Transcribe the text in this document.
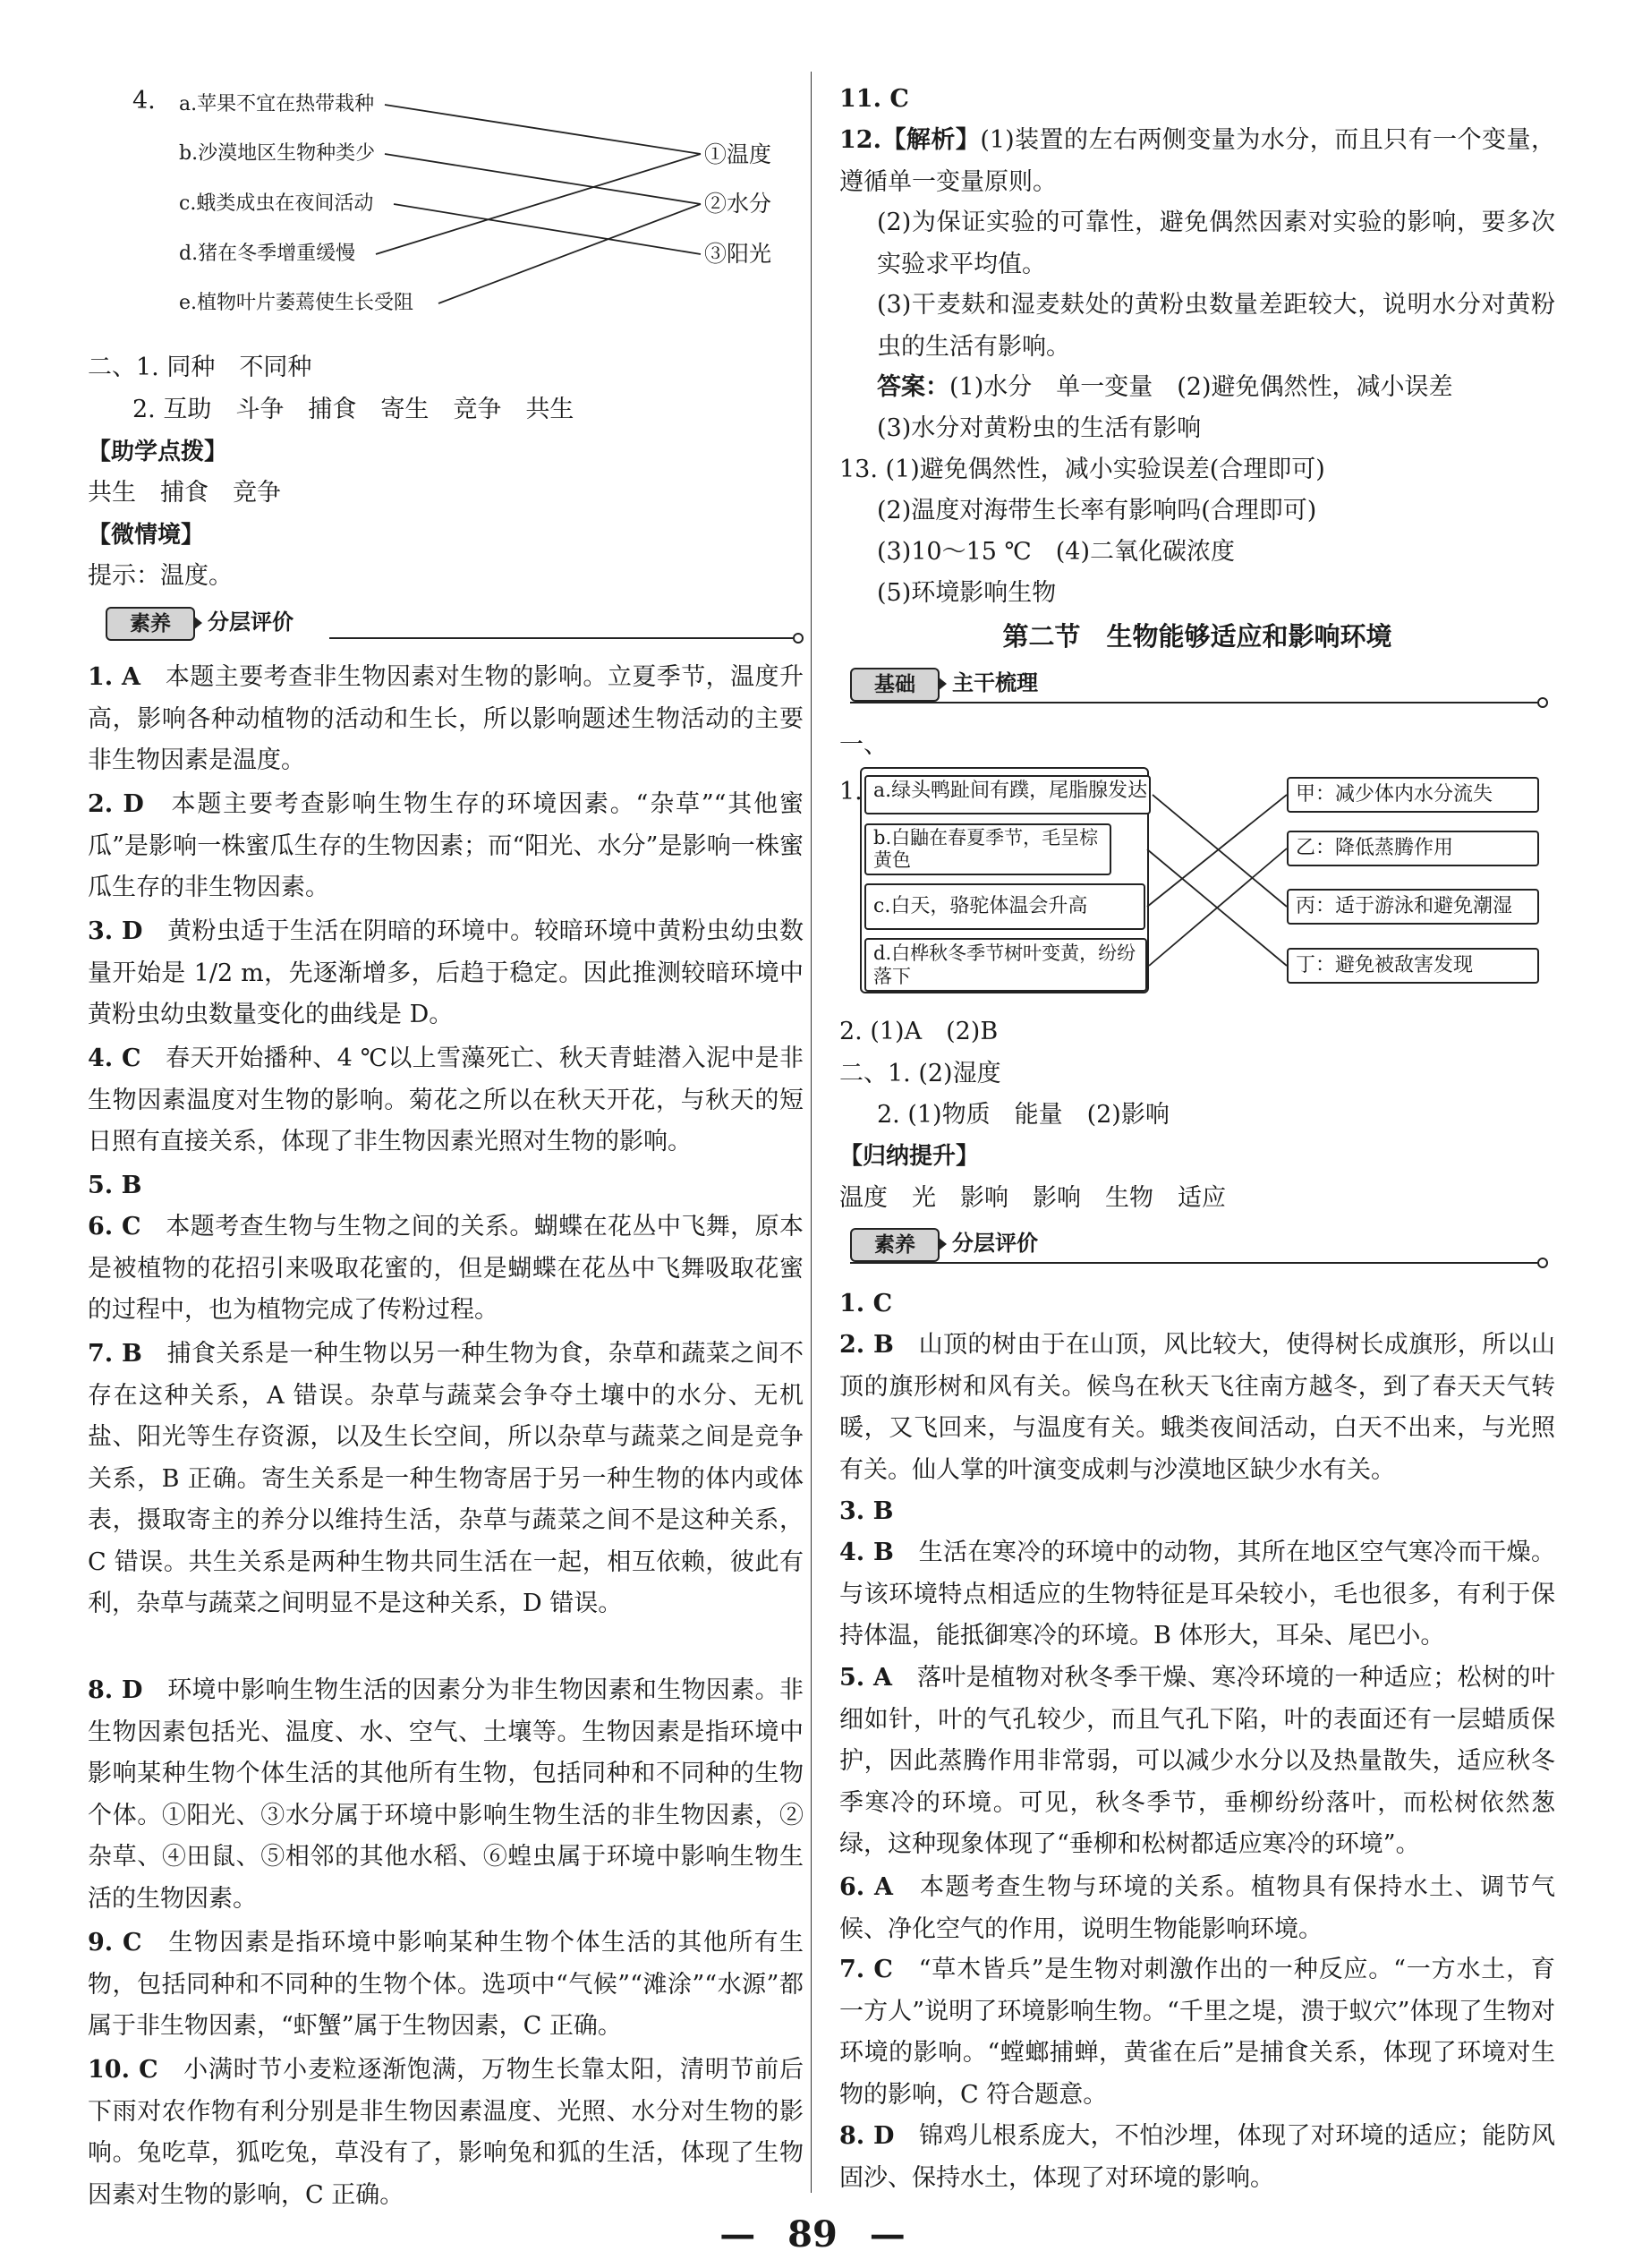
4. a.苹果不宜在热带栽种
b.沙漠地区生物种类少
c.蛾类成虫在夜间活动
d.猪在冬季增重缓慢
e.植物叶片萎蔫使生长受阻
①温度
②水分
③阳光
二、1. 同种　不同种
2. 互助　斗争　捕食　寄生　竞争　共生
【助学点拨】
共生　捕食　竞争
【微情境】
提示：温度。
素养	分层评价

1. A　 本题主要考查非生物因素对生物的影响。立夏季节，温度升高，影响各种动植物的活动和生长，所以影响题述生物活动的主要非生物因素是温度。

2. D　 本题主要考查影响生物生存的环境因素。“杂草”“其他蜜瓜”是影响一株蜜瓜生存的生物因素；而“阳光、水分”是影响一株蜜瓜生存的非生物因素。

3. D　 黄粉虫适于生活在阴暗的环境中。较暗环境中黄粉虫幼虫数量开始是 1/2 m，先逐渐增多，后趋于稳定。因此推测较暗环境中黄粉虫幼虫数量变化的曲线是 D。

4. C　 春天开始播种、4 ℃以上雪藻死亡、秋天青蛙潜入泥中是非生物因素温度对生物的影响。菊花之所以在秋天开花，与秋天的短日照有直接关系，体现了非生物因素光照对生物的影响。

5. B

6. C　 本题考查生物与生物之间的关系。蝴蝶在花丛中飞舞，原本是被植物的花招引来吸取花蜜的，但是蝴蝶在花丛中飞舞吸取花蜜的过程中，也为植物完成了传粉过程。

7. B　 捕食关系是一种生物以另一种生物为食，杂草和蔬菜之间不存在这种关系，A 错误。杂草与蔬菜会争夺土壤中的水分、无机盐、阳光等生存资源，以及生长空间，所以杂草与蔬菜之间是竞争关系，B 正确。寄生关系是一种生物寄居于另一种生物的体内或体表，摄取寄主的养分以维持生活，杂草与蔬菜之间不是这种关系，C 错误。共生关系是两种生物共同生活在一起，相互依赖，彼此有利，杂草与蔬菜之间明显不是这种关系，D 错误。

8. D　 环境中影响生物生活的因素分为非生物因素和生物因素。非生物因素包括光、温度、水、空气、土壤等。生物因素是指环境中影响某种生物个体生活的其他所有生物，包括同种和不同种的生物个体。①阳光、③水分属于环境中影响生物生活的非生物因素，②杂草、④田鼠、⑤相邻的其他水稻、⑥蝗虫属于环境中影响生物生活的生物因素。

9. C　 生物因素是指环境中影响某种生物个体生活的其他所有生物，包括同种和不同种的生物个体。选项中“气候”“滩涂”“水源”都属于非生物因素，“虾蟹”属于生物因素，C 正确。

10. C　 小满时节小麦粒逐渐饱满，万物生长靠太阳，清明节前后下雨对农作物有利分别是非生物因素温度、光照、水分对生物的影响。兔吃草，狐吃兔，草没有了，影响兔和狐的生活，体现了生物因素对生物的影响，C 正确。

11. C

12.【解析】(1)装置的左右两侧变量为水分，而且只有一个变量，遵循单一变量原则。

(2)为保证实验的可靠性，避免偶然因素对实验的影响，要多次实验求平均值。

(3)干麦麸和湿麦麸处的黄粉虫数量差距较大，说明水分对黄粉虫的生活有影响。

答案：(1)水分　单一变量　(2)避免偶然性，减小误差

(3)水分对黄粉虫的生活有影响

13. (1)避免偶然性，减小实验误差(合理即可)

(2)温度对海带生长率有影响吗(合理即可)

(3)10～15 ℃　(4)二氧化碳浓度

(5)环境影响生物

第二节　生物能够适应和影响环境
基础	主干梳理
一、
1. a.绿头鸭趾间有蹼，尾脂腺发达
b.白鼬在春夏季节，毛呈棕黄色
c.白天，骆驼体温会升高
d.白桦秋冬季节树叶变黄，纷纷落下
甲：减少体内水分流失
乙：降低蒸腾作用
丙：适于游泳和避免潮湿
丁：避免被敌害发现
2. (1)A　(2)B
二、1. (2)湿度
2. (1)物质　能量　(2)影响
【归纳提升】
温度　光　影响　影响　生物　适应
素养	分层评价

1. C

2. B　 山顶的树由于在山顶，风比较大，使得树长成旗形，所以山顶的旗形树和风有关。候鸟在秋天飞往南方越冬，到了春天天气转暖，又飞回来，与温度有关。蛾类夜间活动，白天不出来，与光照有关。仙人掌的叶演变成刺与沙漠地区缺少水有关。

3. B

4. B　 生活在寒冷的环境中的动物，其所在地区空气寒冷而干燥。与该环境特点相适应的生物特征是耳朵较小，毛也很多，有利于保持体温，能抵御寒冷的环境。B 体形大，耳朵、尾巴小。

5. A　 落叶是植物对秋冬季干燥、寒冷环境的一种适应；松树的叶细如针，叶的气孔较少，而且气孔下陷，叶的表面还有一层蜡质保护，因此蒸腾作用非常弱，可以减少水分以及热量散失，适应秋冬季寒冷的环境。可见，秋冬季节，垂柳纷纷落叶，而松树依然葱绿，这种现象体现了“垂柳和松树都适应寒冷的环境”。

6. A　 本题考查生物与环境的关系。植物具有保持水土、调节气候、净化空气的作用，说明生物能影响环境。

7. C　 “草木皆兵”是生物对刺激作出的一种反应。“一方水土，育一方人”说明了环境影响生物。“千里之堤，溃于蚁穴”体现了生物对环境的影响。“螳螂捕蝉，黄雀在后”是捕食关系，体现了环境对生物的影响，C 符合题意。

8. D　 锦鸡儿根系庞大，不怕沙埋，体现了对环境的适应；能防风固沙、保持水土，体现了对环境的影响。

— 89 —
